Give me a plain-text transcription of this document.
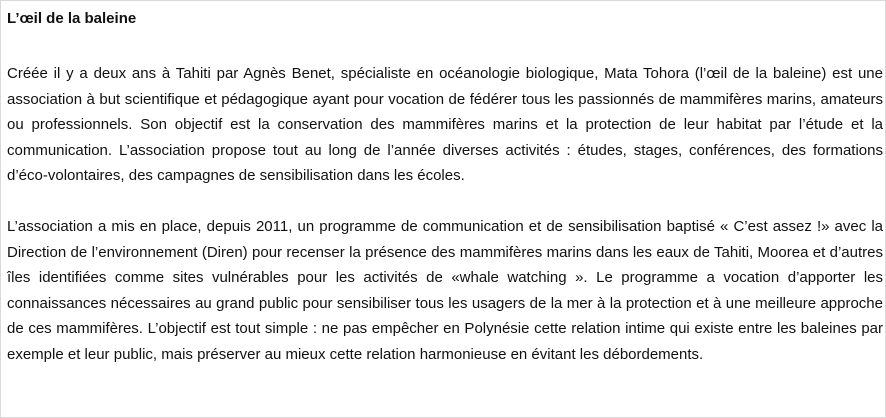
L’œil de la baleine

Créée il y a deux ans à Tahiti par Agnès Benet, spécialiste en océanologie biologique, Mata Tohora (l’œil de la baleine) est une association à but scientifique et pédagogique ayant pour vocation de fédérer tous les passionnés de mammifères marins, amateurs ou professionnels. Son objectif est la conservation des mammifères marins et la protection de leur habitat par l’étude et la communication. L’association propose tout au long de l’année diverses activités : études, stages, conférences, des formations d’éco-volontaires, des campagnes de sensibilisation dans les écoles.

L’association a mis en place, depuis 2011, un programme de communication et de sensibilisation baptisé « C’est assez !» avec la Direction de l’environnement (Diren) pour recenser la présence des mammifères marins dans les eaux de Tahiti, Moorea et d’autres îles identifiées comme sites vulnérables pour les activités de «whale watching ». Le programme a vocation d’apporter les connaissances nécessaires au grand public pour sensibiliser tous les usagers de la mer à la protection et à une meilleure approche de ces mammifères. L’objectif est tout simple : ne pas empêcher en Polynésie cette relation intime qui existe entre les baleines par exemple et leur public, mais préserver au mieux cette relation harmonieuse en évitant les débordements.
